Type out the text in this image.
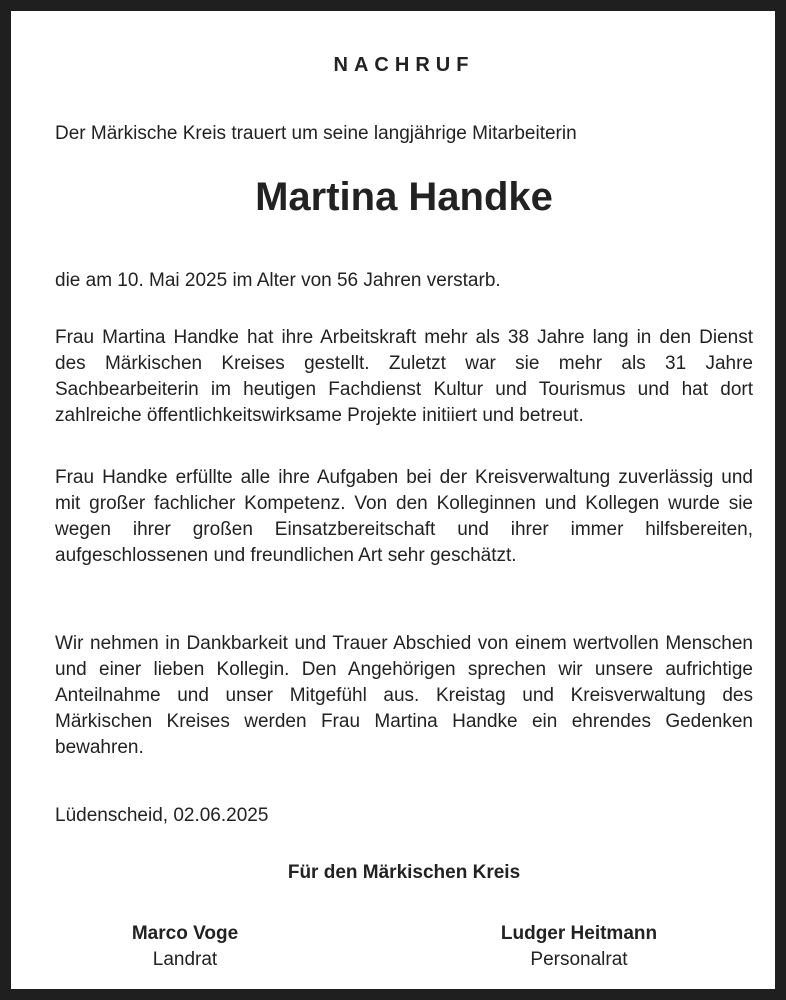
NACHRUF

Der Märkische Kreis trauert um seine langjährige Mitarbeiterin

Martina Handke

die am 10. Mai 2025 im Alter von 56 Jahren verstarb.

Frau Martina Handke hat ihre Arbeitskraft mehr als 38 Jahre lang in den Dienst des Märkischen Kreises gestellt. Zuletzt war sie mehr als 31 Jahre Sachbearbeiterin im heutigen Fachdienst Kultur und Tourismus und hat dort zahlreiche öffentlichkeitswirksame Projekte initiiert und betreut.

Frau Handke erfüllte alle ihre Aufgaben bei der Kreisverwaltung zuverlässig und mit großer fachlicher Kompetenz. Von den Kolleginnen und Kollegen wurde sie wegen ihrer großen Einsatzbereitschaft und ihrer immer hilfsbereiten, aufgeschlossenen und freundlichen Art sehr geschätzt.

Wir nehmen in Dankbarkeit und Trauer Abschied von einem wertvollen Menschen und einer lieben Kollegin. Den Angehörigen sprechen wir unsere aufrichtige Anteilnahme und unser Mitgefühl aus. Kreistag und Kreisverwaltung des Märkischen Kreises werden Frau Martina Handke ein ehrendes Gedenken bewahren.

Lüdenscheid, 02.06.2025

Für den Märkischen Kreis

Marco Voge

Landrat

Ludger Heitmann

Personalrat
